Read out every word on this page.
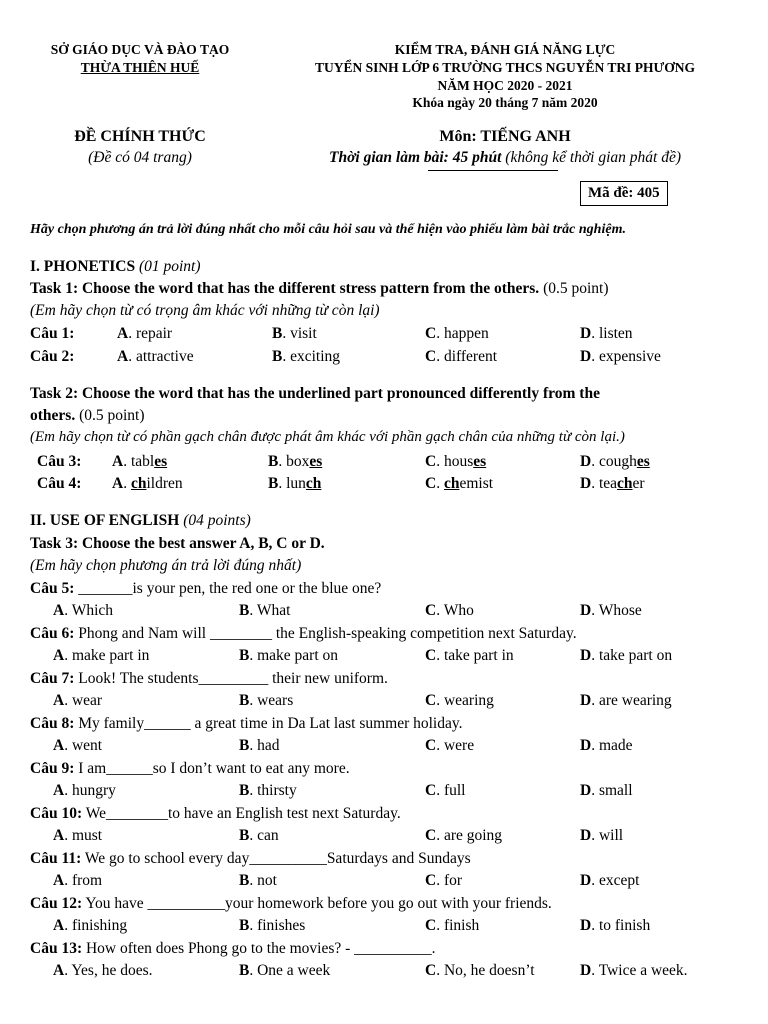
SỞ GIÁO DỤC VÀ ĐÀO TẠO
THỪA THIÊN HUẾ
KIỂM TRA, ĐÁNH GIÁ NĂNG LỰC
TUYỂN SINH LỚP 6 TRƯỜNG THCS NGUYỄN TRI PHƯƠNG
NĂM HỌC 2020 - 2021
Khóa ngày 20 tháng 7 năm 2020
ĐỀ CHÍNH THỨC
(Đề có 04 trang)
Môn: TIẾNG ANH
Thời gian làm bài: 45 phút (không kể thời gian phát đề)
Mã đề: 405
Hãy chọn phương án trả lời đúng nhất cho mỗi câu hỏi sau và thể hiện vào phiếu làm bài trắc nghiệm.
I. PHONETICS (01 point)
Task 1: Choose the word that has the different stress pattern from the others. (0.5 point)
(Em hãy chọn từ có trọng âm khác với những từ còn lại)
Câu 1:	A. repair	B. visit	C. happen	D. listen
Câu 2:	A. attractive	B. exciting	C. different	D. expensive
Task 2: Choose the word that has the underlined part pronounced differently from the
others. (0.5 point)
(Em hãy chọn từ có phần gạch chân được phát âm khác với phần gạch chân của những từ còn lại.)
Câu 3: A. tables	B. boxes	C. houses	D. coughes
Câu 4: A. children	B. lunch	C. chemist	D. teacher
II. USE OF ENGLISH (04 points)
Task 3: Choose the best answer A, B, C or D.
(Em hãy chọn phương án trả lời đúng nhất)
Câu 5: _______is your pen, the red one or the blue one?
A. Which	B. What	C. Who	D. Whose
Câu 6: Phong and Nam will ________ the English-speaking competition next Saturday.
A. make part in	B. make part on	C. take part in	D. take part on
Câu 7: Look! The students_________ their new uniform.
A. wear	B. wears	C. wearing	D. are wearing
Câu 8: My family______ a great time in Da Lat last summer holiday.
A. went	B. had	C. were	D. made
Câu 9: I am______so I don’t want to eat any more.
A. hungry	B. thirsty	C. full	D. small
Câu 10: We________to have an English test next Saturday.
A. must	B. can	C. are going	D. will
Câu 11: We go to school every day__________Saturdays and Sundays
A. from	B. not	C. for	D. except
Câu 12: You have __________your homework before you go out with your friends.
A. finishing	B. finishes	C. finish	D. to finish
Câu 13: How often does Phong go to the movies? - __________.
A. Yes, he does.	B. One a week	C. No, he doesn’t	D. Twice a week.
